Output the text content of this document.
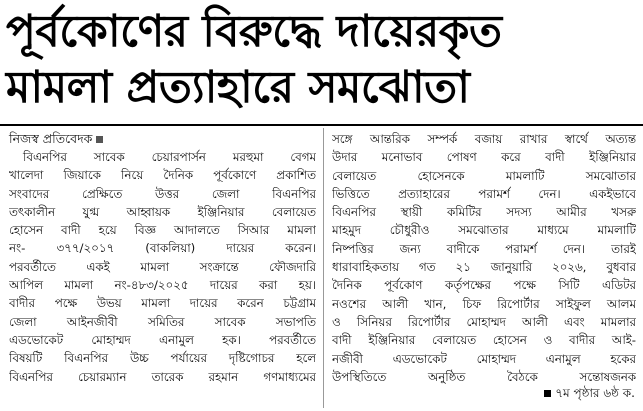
পূর্বকোণের বিরুদ্ধে দায়েরকৃত
মামলা প্রত্যাহারে সমঝোতা
নিজস্ব প্রতিবেদক

বিএনপির সাবেক চেয়ারপার্সন মরহুমা বেগম
খালেদা জিয়াকে নিয়ে দৈনিক পূর্বকোণে প্রকাশিত
সংবাদের প্রেক্ষিতে উত্তর জেলা বিএনপির
তৎকালীন যুগ্ম আহ্বায়ক ইঞ্জিনিয়ার বেলায়েত
হোসেন বাদী হয়ে বিজ্ঞ আদালতে সিআর মামলা
নং- ৩৭৭/২০১৭ (বাকলিয়া) দায়ের করেন।
পরবর্তীতে একই মামলা সংক্রান্তে ফৌজদারি
আপিল মামলা নং-৪৮৩/২০২৫ দায়ের করা হয়।
বাদীর পক্ষে উভয় মামলা দায়ের করেন চট্টগ্রাম
জেলা আইনজীবী সমিতির সাবেক সভাপতি
এডভোকেট মোহাম্মদ এনামুল হক। পরবর্তীতে
বিষয়টি বিএনপির উচ্চ পর্যায়ের দৃষ্টিগোচর হলে
বিএনপির চেয়ারম্যান তারেক রহমান গণমাধ্যমের

সঙ্গে আন্তরিক সম্পর্ক বজায় রাখার স্বার্থে অত্যন্ত
উদার মনোভাব পোষণ করে বাদী ইঞ্জিনিয়ার
বেলায়েত হোসেনকে মামলাটি সমঝোতার
ভিত্তিতে প্রত্যাহারের পরামর্শ দেন। একইভাবে
বিএনপির স্থায়ী কমিটির সদস্য আমীর খসরু
মাহমুদ চৌধুরীও সমঝোতার মাধ্যমে মামলাটি
নিষ্পত্তির জন্য বাদীকে পরামর্শ দেন। তারই
ধারাবাহিকতায় গত ২১ জানুয়ারি ২০২৬, বুধবার
দৈনিক পূর্বকোণ কর্তৃপক্ষের পক্ষে সিটি এডিটর
নওশের আলী খান, চিফ রিপোর্টার সাইফুল আলম
ও সিনিয়র রিপোর্টার মোহাম্মদ আলী এবং মামলার
বাদী ইঞ্জিনিয়ার বেলায়েত হোসেন ও বাদীর আই-
নজীবী এডভোকেট মোহাম্মদ এনামুল হকের
উপস্থিতিতে অনুষ্ঠিত বৈঠকে সন্তোষজনক

৭ম পৃষ্ঠার ৬ষ্ঠ ক.
